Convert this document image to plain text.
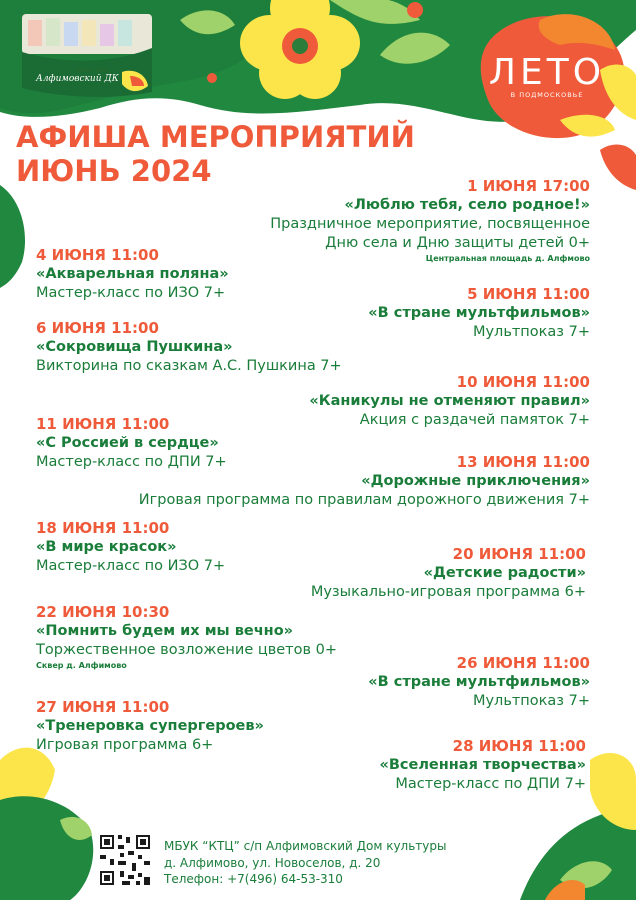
МБУК "КТЦ"
Алфимовский ДК	ЛЕТО
В ПОДМОСКОВЬЕ
АФИША МЕРОПРИЯТИЙ
ИЮНЬ 2024	1 ИЮНЯ 17:00
«Люблю тебя, село родное!»
Праздничное мероприятие, посвященное
Дню села и Дню защиты детей 0+
Центральная площадь д. Алфмово
4 ИЮНЯ 11:00
«Акварельная поляна»
Мастер-класс по ИЗО 7+	5 ИЮНЯ 11:00
«В стране мультфильмов»
Мультпоказ 7+
6 ИЮНЯ 11:00
«Сокровища Пушкина»
Викторина по сказкам А.С. Пушкина 7+
10 ИЮНЯ 11:00
«Каникулы не отменяют правил»
Акция с раздачей памяток 7+
11 ИЮНЯ 11:00
«С Россией в сердце»
Мастер-класс по ДПИ 7+	13 ИЮНЯ 11:00
«Дорожные приключения»
Игровая программа по правилам дорожного движения 7+
18 ИЮНЯ 11:00
«В мире красок»
Мастер-класс по ИЗО 7+
20 ИЮНЯ 11:00
«Детские радости»
Музыкально-игровая программа 6+
22 ИЮНЯ 10:30
«Помнить будем их мы вечно»
Торжественное возложение цветов 0+
Сквер д. Алфимово	26 ИЮНЯ 11:00
«В стране мультфильмов»
Мультпоказ 7+
27 ИЮНЯ 11:00
«Тренеровка супергероев»
Игровая программа 6+	28 ИЮНЯ 11:00
«Вселенная творчества»
Мастер-класс по ДПИ 7+
МБУК “КТЦ” с/п Алфимовский Дом культуры
д. Алфимово, ул. Новоселов, д. 20
Телефон: +7(496) 64-53-310
